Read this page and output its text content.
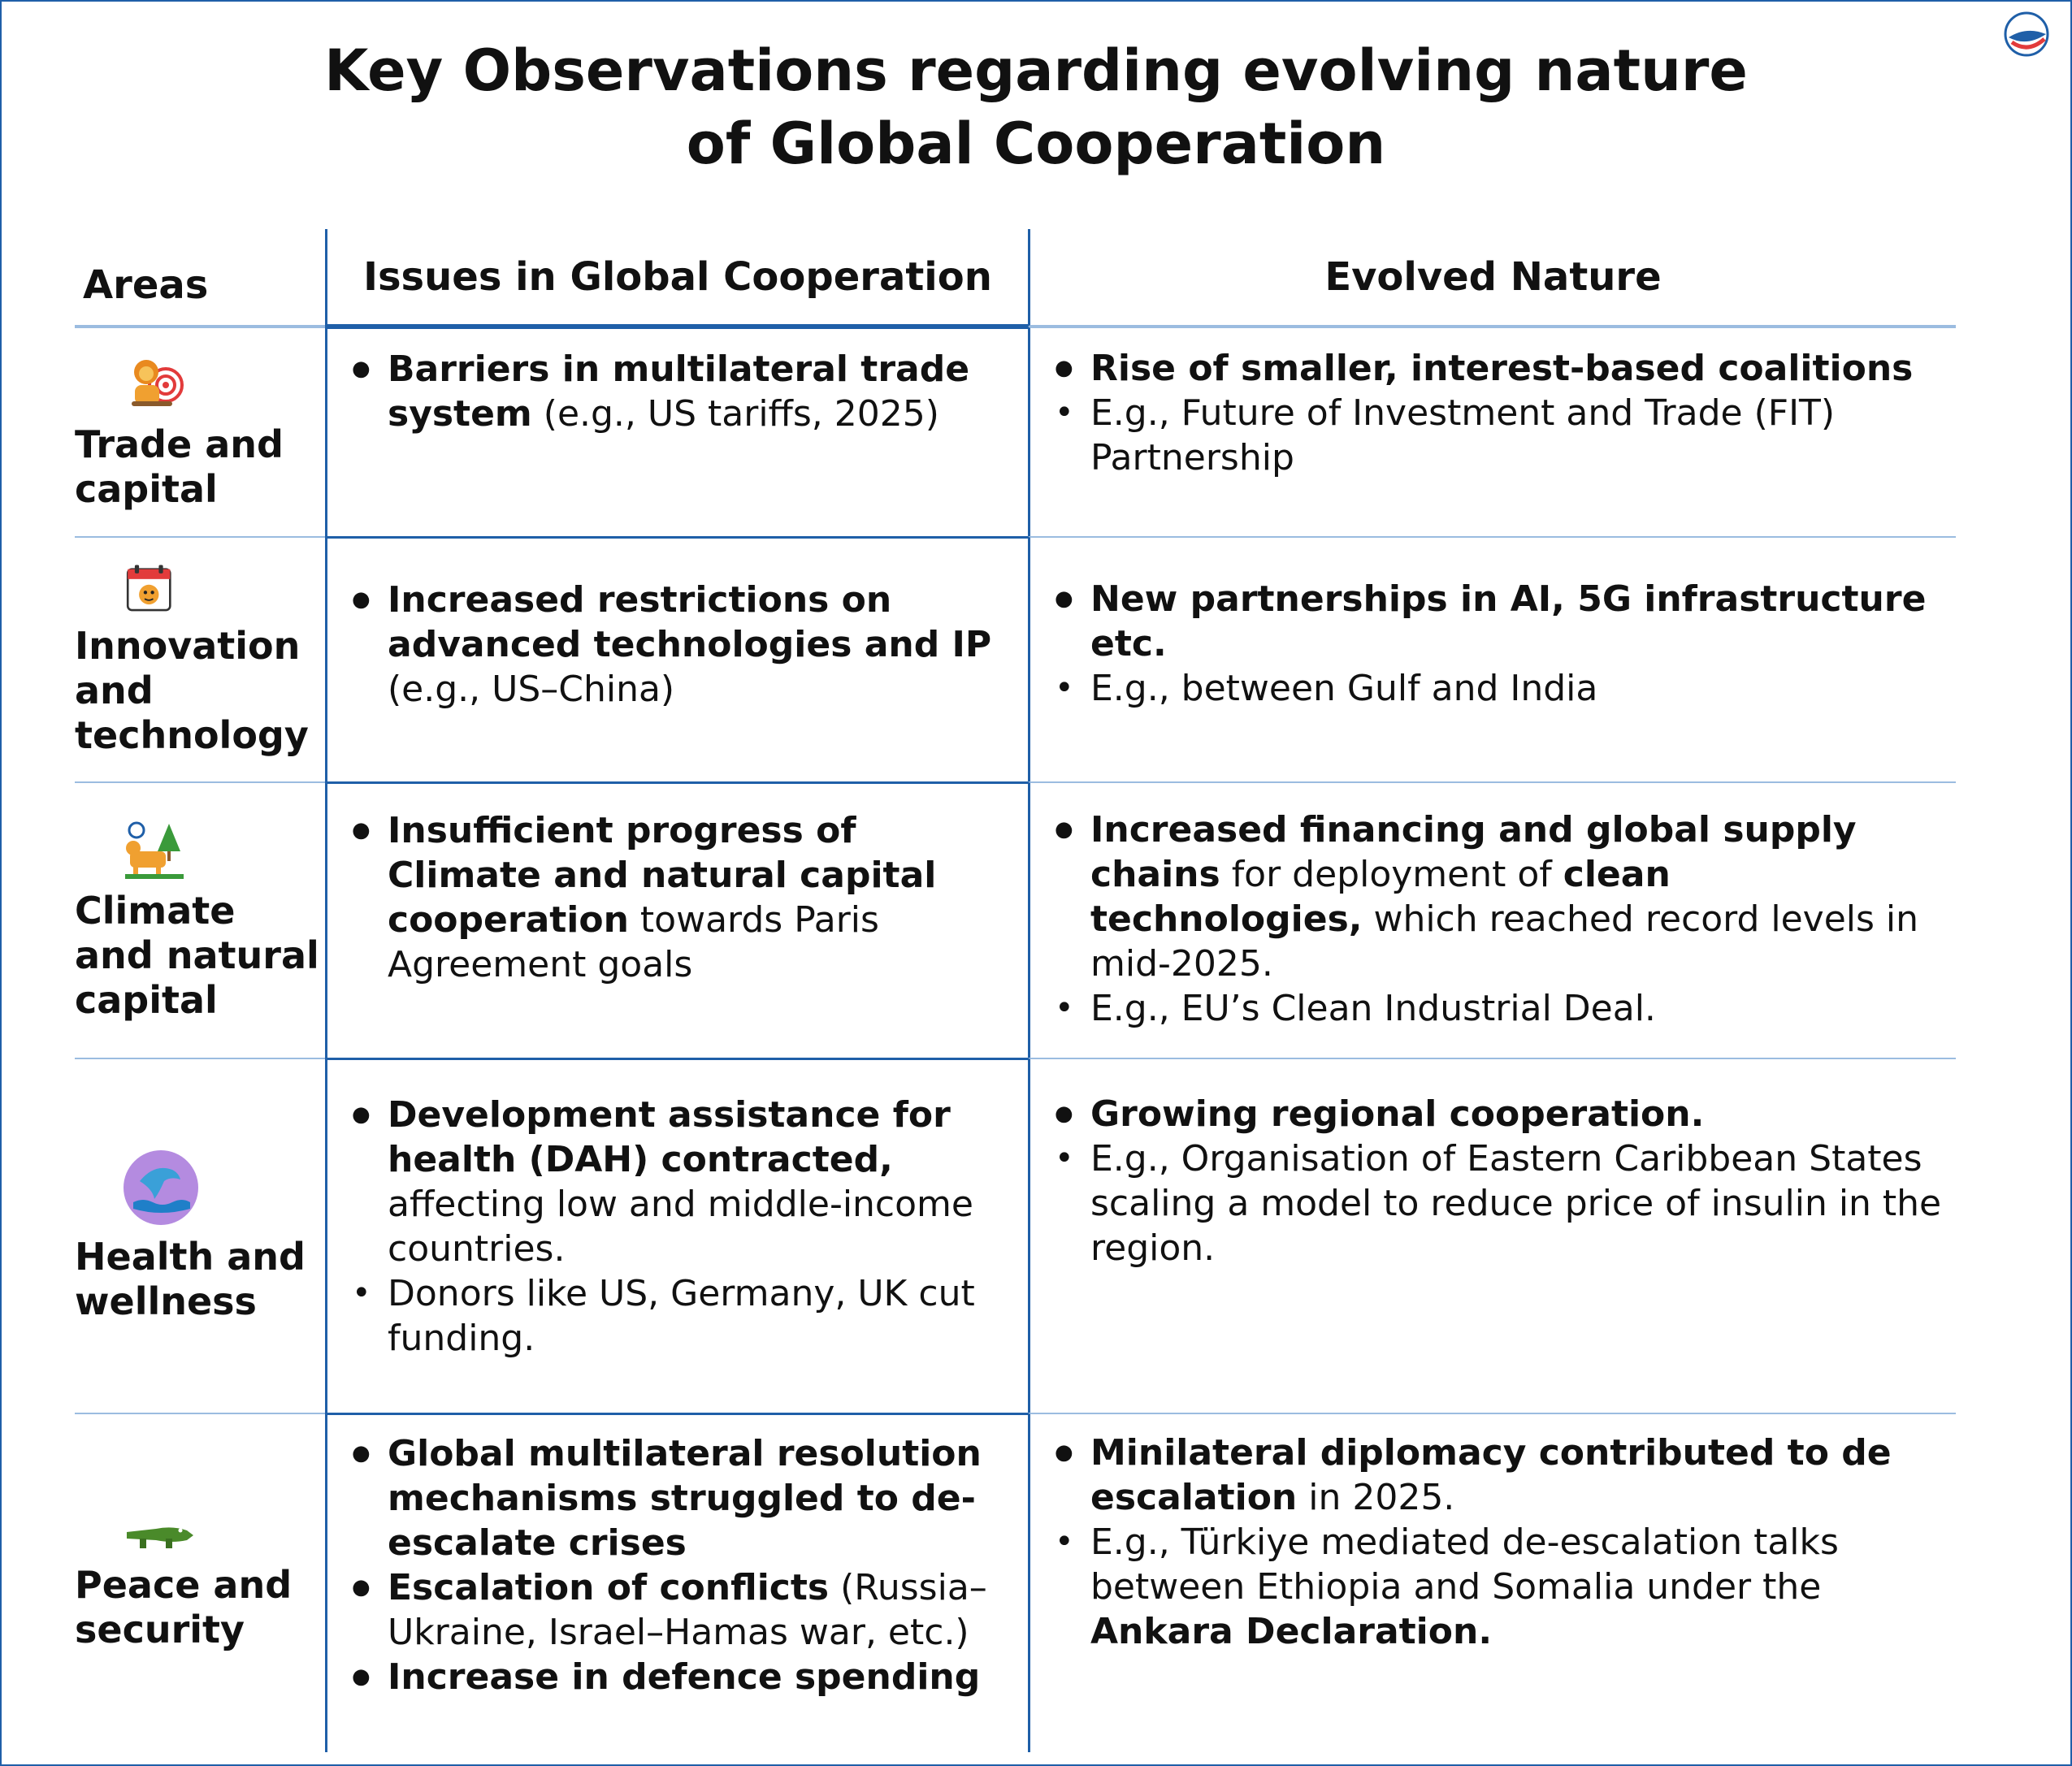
Key Observations regarding evolving nature
of Global Cooperation
Areas	Issues in Global Cooperation	Evolved Nature
Trade and capital
● Barriers in multilateral trade system (e.g., US tariffs, 2025)
● Rise of smaller, interest-based coalitions
• E.g., Future of Investment and Trade (FIT) Partnership
Innovation and technology
● Increased restrictions on advanced technologies and IP (e.g., US–China)
● New partnerships in AI, 5G infrastructure etc.
• E.g., between Gulf and India
Climate and natural capital
● Insufficient progress of Climate and natural capital cooperation towards Paris Agreement goals
● Increased financing and global supply chains for deployment of clean technologies, which reached record levels in mid-2025.
• E.g., EU’s Clean Industrial Deal.
Health and wellness
● Development assistance for health (DAH) contracted, affecting low and middle-income countries.
• Donors like US, Germany, UK cut funding.
● Growing regional cooperation.
• E.g., Organisation of Eastern Caribbean States scaling a model to reduce price of insulin in the region.
Peace and security
● Global multilateral resolution mechanisms struggled to de-escalate crises
● Escalation of conflicts (Russia–Ukraine, Israel–Hamas war, etc.)
● Increase in defence spending
● Minilateral diplomacy contributed to de escalation in 2025.
• E.g., Türkiye mediated de-escalation talks between Ethiopia and Somalia under the Ankara Declaration.
